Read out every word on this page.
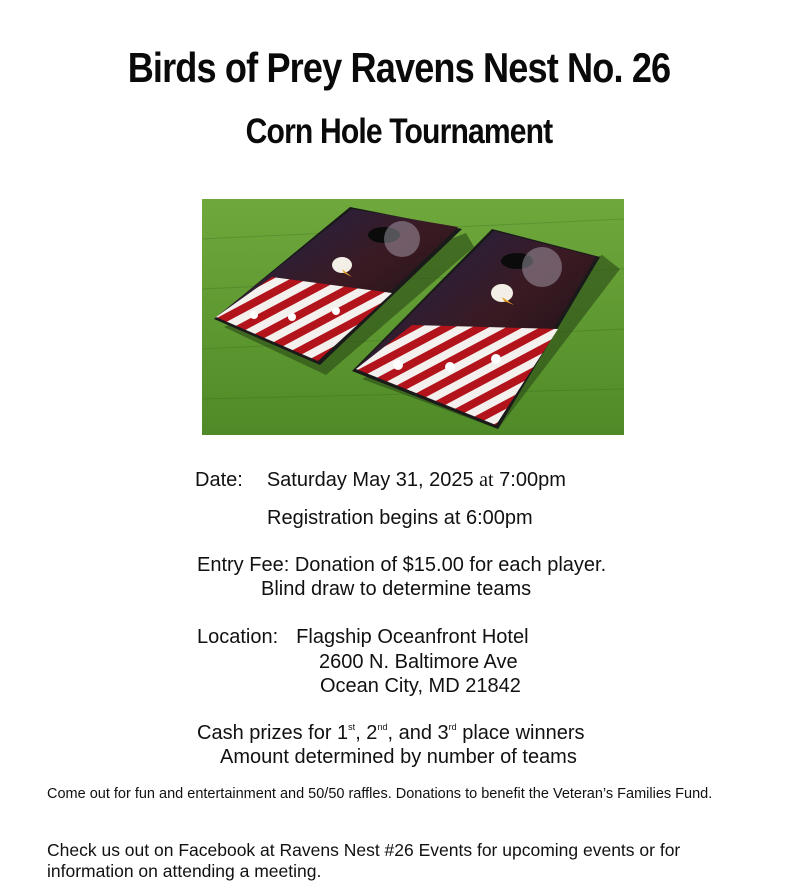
Birds of Prey Ravens Nest No. 26
Corn Hole Tournament
Date: Saturday May 31, 2025 at 7:00pm
Registration begins at 6:00pm
Entry Fee: Donation of $15.00 for each player.
Blind draw to determine teams
Location: Flagship Oceanfront Hotel
2600 N. Baltimore Ave
Ocean City, MD 21842
Cash prizes for 1st, 2nd, and 3rd place winners
Amount determined by number of teams
Come out for fun and entertainment and 50/50 raffles. Donations to benefit the Veteran’s Families Fund.
Check us out on Facebook at Ravens Nest #26 Events for upcoming events or for information on attending a meeting.
